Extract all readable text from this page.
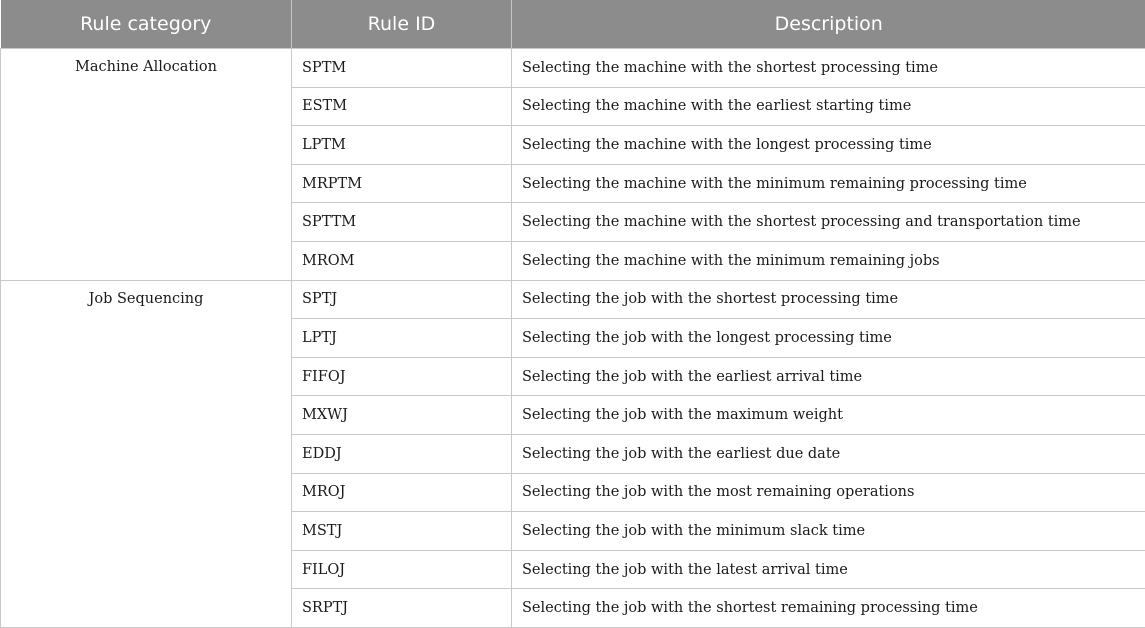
Rule category	Rule ID	Description
Machine Allocation	SPTM	Selecting the machine with the shortest processing time
	ESTM	Selecting the machine with the earliest starting time
	LPTM	Selecting the machine with the longest processing time
	MRPTM	Selecting the machine with the minimum remaining processing time
	SPTTM	Selecting the machine with the shortest processing and transportation time
	MROM	Selecting the machine with the minimum remaining jobs
Job Sequencing	SPTJ	Selecting the job with the shortest processing time
	LPTJ	Selecting the job with the longest processing time
	FIFOJ	Selecting the job with the earliest arrival time
	MXWJ	Selecting the job with the maximum weight
	EDDJ	Selecting the job with the earliest due date
	MROJ	Selecting the job with the most remaining operations
	MSTJ	Selecting the job with the minimum slack time
	FILOJ	Selecting the job with the latest arrival time
	SRPTJ	Selecting the job with the shortest remaining processing time
